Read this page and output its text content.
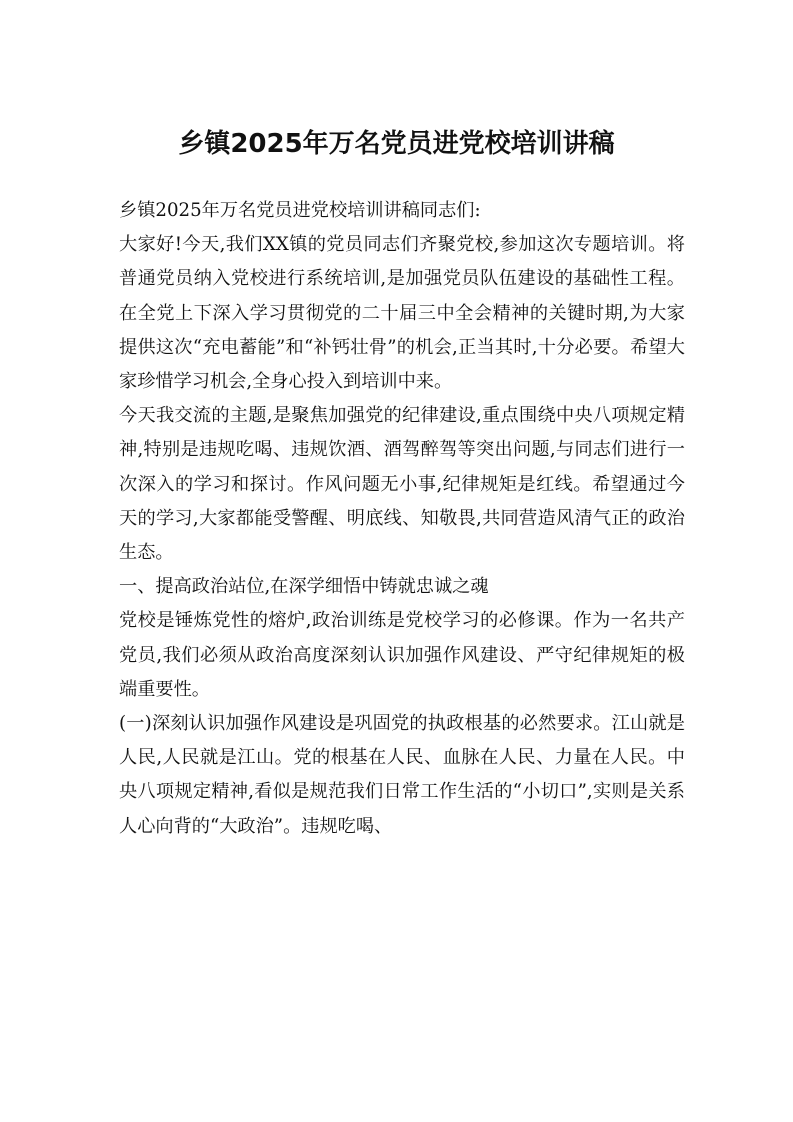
乡镇2025年万名党员进党校培训讲稿

乡镇2025年万名党员进党校培训讲稿同志们:

大家好!今天,我们XX镇的党员同志们齐聚党校,参加这次专题培训。将普通党员纳入党校进行系统培训,是加强党员队伍建设的基础性工程。在全党上下深入学习贯彻党的二十届三中全会精神的关键时期,为大家提供这次“充电蓄能”和“补钙壮骨”的机会,正当其时,十分必要。希望大家珍惜学习机会,全身心投入到培训中来。

今天我交流的主题,是聚焦加强党的纪律建设,重点围绕中央八项规定精神,特别是违规吃喝、违规饮酒、酒驾醉驾等突出问题,与同志们进行一次深入的学习和探讨。作风问题无小事,纪律规矩是红线。希望通过今天的学习,大家都能受警醒、明底线、知敬畏,共同营造风清气正的政治生态。

一、提高政治站位,在深学细悟中铸就忠诚之魂

党校是锤炼党性的熔炉,政治训练是党校学习的必修课。作为一名共产党员,我们必须从政治高度深刻认识加强作风建设、严守纪律规矩的极端重要性。

(一)深刻认识加强作风建设是巩固党的执政根基的必然要求。江山就是人民,人民就是江山。党的根基在人民、血脉在人民、力量在人民。中央八项规定精神,看似是规范我们日常工作生活的“小切口”,实则是关系人心向背的“大政治”。违规吃喝、
